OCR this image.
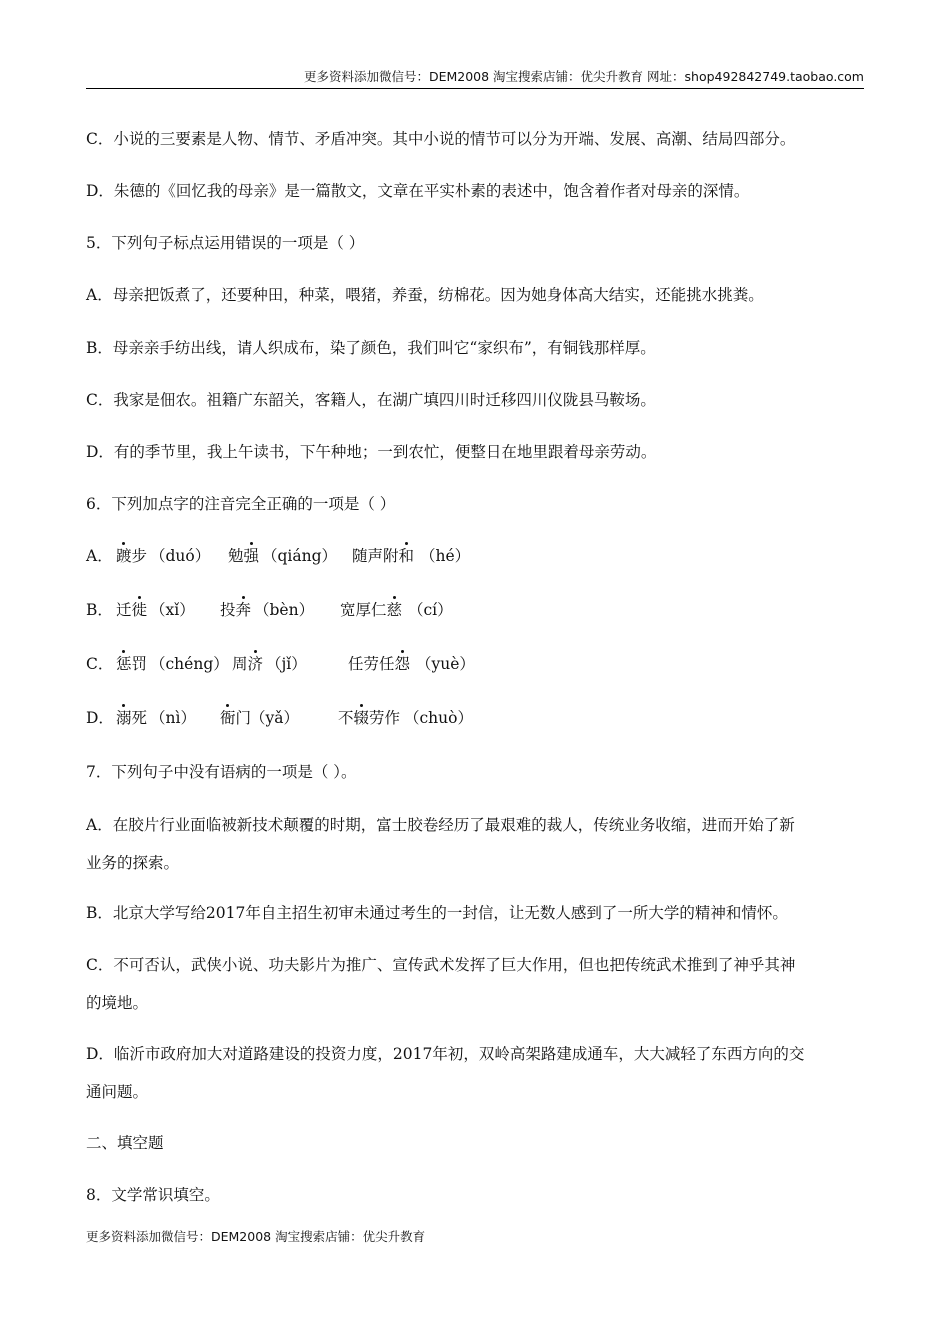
更多资料添加微信号：DEM2008 淘宝搜索店铺：优尖升教育 网址：shop492842749.taobao.com
C．小说的三要素是人物、情节、矛盾冲突。其中小说的情节可以分为开端、发展、高潮、结局四部分。
D．朱德的《回忆我的母亲》是一篇散文，文章在平实朴素的表述中，饱含着作者对母亲的深情。
5．下列句子标点运用错误的一项是（ ）
A．母亲把饭煮了，还要种田，种菜，喂猪，养蚕，纺棉花。因为她身体高大结实，还能挑水挑粪。
B．母亲亲手纺出线，请人织成布，染了颜色，我们叫它“家织布”，有铜钱那样厚。
C．我家是佃农。祖籍广东韶关，客籍人，在湖广填四川时迁移四川仪陇县马鞍场。
D．有的季节里，我上午读书，下午种地；一到农忙，便整日在地里跟着母亲劳动。
6．下列加点字的注音完全正确的一项是（ ）
A． 踱步 （duó） 勉强 （qiáng） 随声附和 （hé）
B． 迁徙 （xǐ） 投奔 （bèn） 宽厚仁慈 （cí）
C． 惩罚 （chéng） 周济 （jǐ）	任劳任怨 （yuè）
D． 溺死 （nì） 衙门
（yǎ）	不辍劳作 （chuò）
7．下列句子中没有语病的一项是（ ）。
A．在胶片行业面临被新技术颠覆的时期，富士胶卷经历了最艰难的裁人，传统业务收缩，进而开始了新
业务的探索。
B．北京大学写给2017年自主招生初审未通过考生的一封信，让无数人感到了一所大学的精神和情怀。
C．不可否认，武侠小说、功夫影片为推广、宣传武术发挥了巨大作用，但也把传统武术推到了神乎其神
的境地。
D．临沂市政府加大对道路建设的投资力度，2017年初，双岭高架路建成通车，大大减轻了东西方向的交
通问题。
二、填空题
8．文学常识填空。
更多资料添加微信号：DEM2008 淘宝搜索店铺：优尖升教育
